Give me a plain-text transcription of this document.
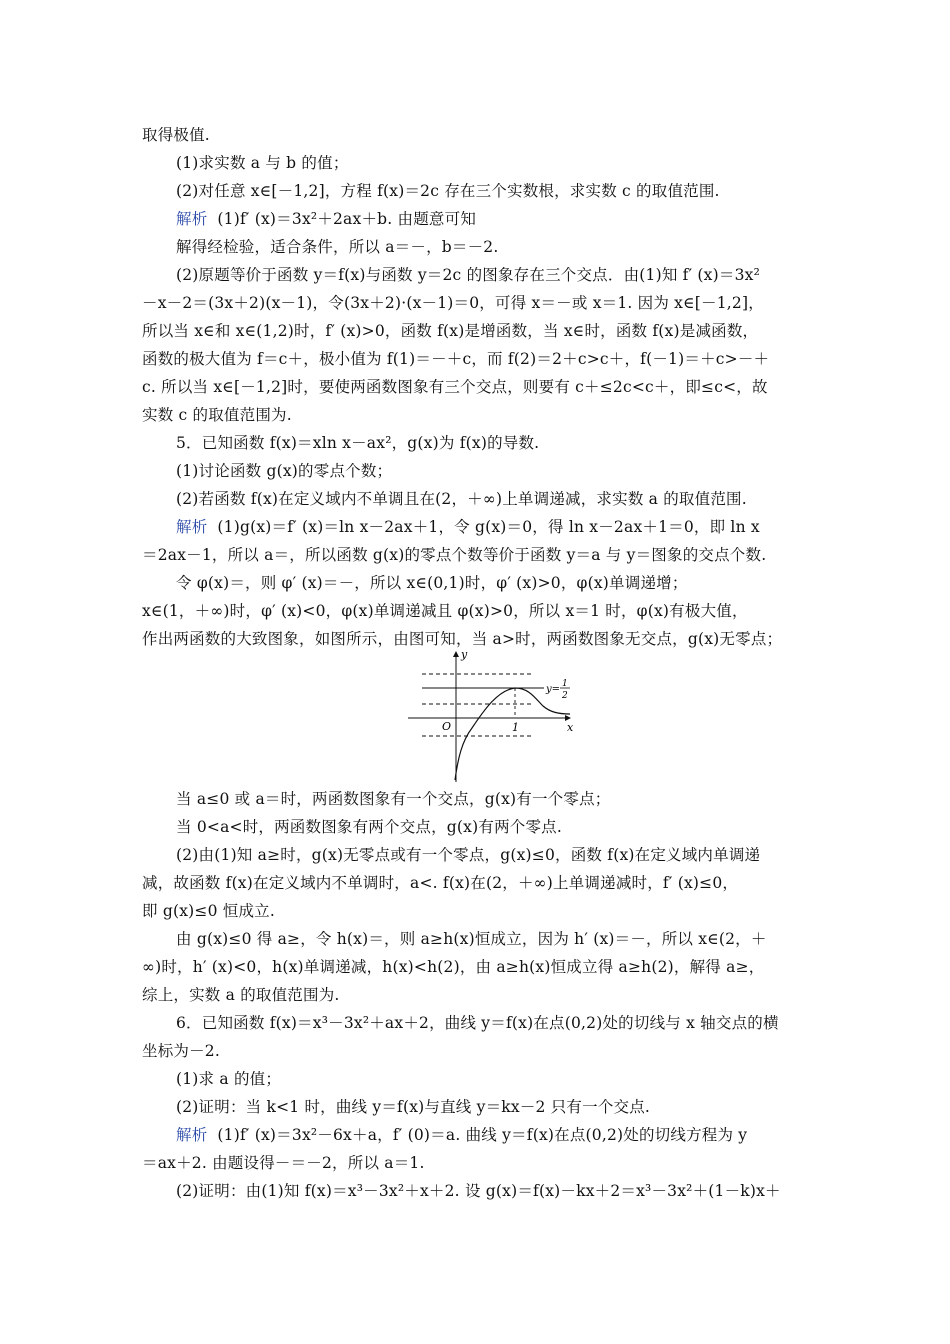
取得极值.
(1)求实数 a 与 b 的值；
(2)对任意 x∈[－1,2]，方程 f(x)＝2c 存在三个实数根，求实数 c 的取值范围.
解析 (1)f′ (x)＝3x²＋2ax＋b. 由题意可知
解得经检验，适合条件，所以 a＝－，b＝－2.
(2)原题等价于函数 y＝f(x)与函数 y＝2c 的图象存在三个交点．由(1)知 f′ (x)＝3x²
－x－2＝(3x＋2)(x－1)，令(3x＋2)·(x－1)＝0，可得 x＝－或 x＝1. 因为 x∈[－1,2]，
所以当 x∈和 x∈(1,2)时，f′ (x)>0，函数 f(x)是增函数，当 x∈时，函数 f(x)是减函数，
函数的极大值为 f＝c＋，极小值为 f(1)＝－＋c，而 f(2)＝2＋c>c＋，f(－1)＝＋c>－＋
c. 所以当 x∈[－1,2]时，要使两函数图象有三个交点，则要有 c＋≤2c<c＋，即≤c<，故
实数 c 的取值范围为.
5．已知函数 f(x)＝xln x－ax²，g(x)为 f(x)的导数.
(1)讨论函数 g(x)的零点个数；
(2)若函数 f(x)在定义域内不单调且在(2，＋∞)上单调递减，求实数 a 的取值范围.
解析 (1)g(x)＝f′ (x)＝ln x－2ax＋1，令 g(x)＝0，得 ln x－2ax＋1＝0，即 ln x
＝2ax－1，所以 a＝，所以函数 g(x)的零点个数等价于函数 y＝a 与 y＝图象的交点个数.
令 φ(x)＝，则 φ′ (x)＝－，所以 x∈(0,1)时，φ′ (x)>0，φ(x)单调递增；
x∈(1，＋∞)时，φ′ (x)<0，φ(x)单调递减且 φ(x)>0，所以 x＝1 时，φ(x)有极大值，
作出两函数的大致图象，如图所示，由图可知，当 a>时，两函数图象无交点，g(x)无零点；
y
x
O	1
y= 1
2
当 a≤0 或 a＝时，两函数图象有一个交点，g(x)有一个零点；
当 0<a<时，两函数图象有两个交点，g(x)有两个零点.
(2)由(1)知 a≥时，g(x)无零点或有一个零点，g(x)≤0，函数 f(x)在定义域内单调递
减，故函数 f(x)在定义域内不单调时，a<. f(x)在(2，＋∞)上单调递减时，f′ (x)≤0，
即 g(x)≤0 恒成立.
由 g(x)≤0 得 a≥，令 h(x)＝，则 a≥h(x)恒成立，因为 h′ (x)＝－，所以 x∈(2，＋
∞)时，h′ (x)<0，h(x)单调递减，h(x)<h(2)，由 a≥h(x)恒成立得 a≥h(2)，解得 a≥，
综上，实数 a 的取值范围为.
6．已知函数 f(x)＝x³－3x²＋ax＋2，曲线 y＝f(x)在点(0,2)处的切线与 x 轴交点的横
坐标为－2.
(1)求 a 的值；
(2)证明：当 k<1 时，曲线 y＝f(x)与直线 y＝kx－2 只有一个交点.
解析 (1)f′ (x)＝3x²－6x＋a，f′ (0)＝a. 曲线 y＝f(x)在点(0,2)处的切线方程为 y
＝ax＋2. 由题设得－＝－2，所以 a＝1.
(2)证明：由(1)知 f(x)＝x³－3x²＋x＋2. 设 g(x)＝f(x)－kx＋2＝x³－3x²＋(1－k)x＋
